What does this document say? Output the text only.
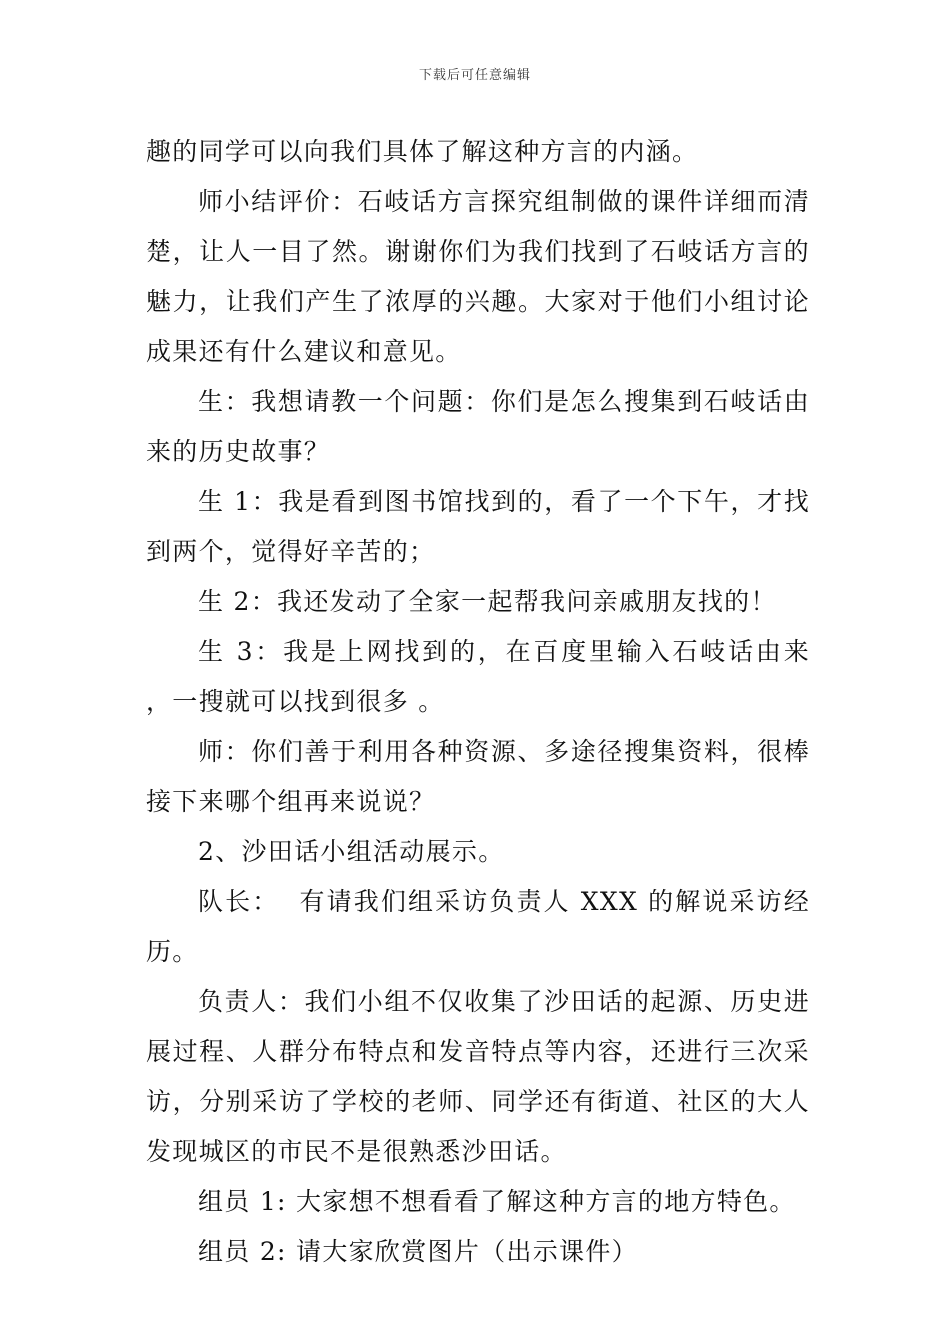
下载后可任意编辑

趣的同学可以向我们具体了解这种方言的内涵。

师小结评价：石岐话方言探究组制做的课件详细而清楚，让人一目了然。谢谢你们为我们找到了石岐话方言的魅力，让我们产生了浓厚的兴趣。大家对于他们小组讨论成果还有什么建议和意见。

生：我想请教一个问题：你们是怎么搜集到石岐话由来的历史故事？

生 1：我是看到图书馆找到的，看了一个下午，才找到两个，觉得好辛苦的；

生 2：我还发动了全家一起帮我问亲戚朋友找的！

生 3：我是上网找到的，在百度里输入石岐话由来 ，一搜就可以找到很多 。

师：你们善于利用各种资源、多途径搜集资料，很棒接下来哪个组再来说说？

2、沙田话小组活动展示。

队长：  有请我们组采访负责人 XXX 的解说采访经历。

负责人：我们小组不仅收集了沙田话的起源、历史进展过程、人群分布特点和发音特点等内容，还进行三次采访，分别采访了学校的老师、同学还有街道、社区的大人发现城区的市民不是很熟悉沙田话。

组员 1: 大家想不想看看了解这种方言的地方特色。

组员 2: 请大家欣赏图片（出示课件）
